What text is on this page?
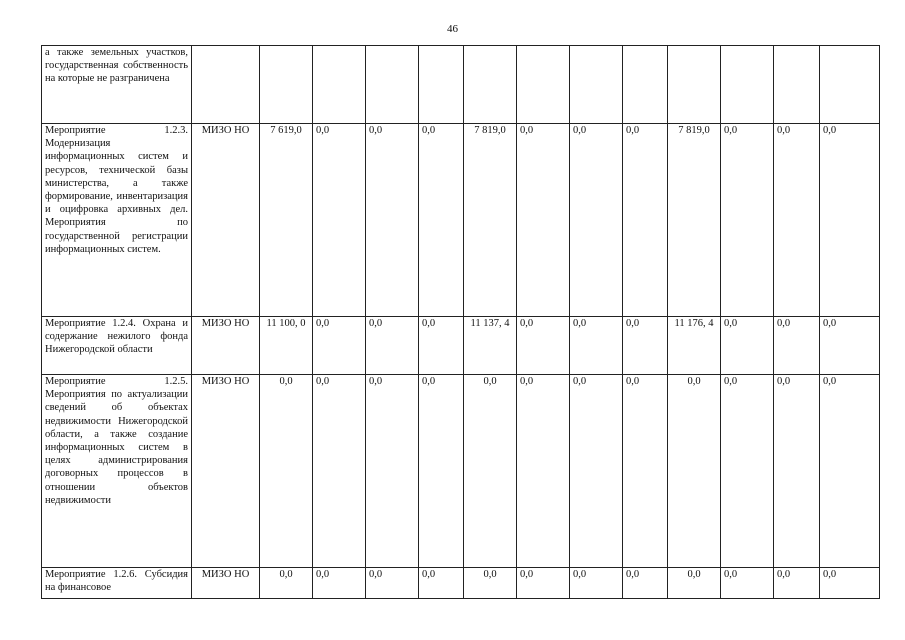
46
а также земельных участков, государственная собственность на которые не разграничена													
Мероприятие 1.2.3. Модернизация информационных систем и ресурсов, технической базы министерства, а также формирование, инвентаризация и оцифровка архивных дел. Мероприятия по государственной регистрации информационных систем.	МИЗО НО	7 619,0	0,0	0,0	0,0	7 819,0	0,0	0,0	0,0	7 819,0	0,0	0,0	0,0
Мероприятие 1.2.4. Охрана и содержание нежилого фонда Нижегородской области	МИЗО НО	11 100, 0	0,0	0,0	0,0	11 137, 4	0,0	0,0	0,0	11 176, 4	0,0	0,0	0,0
Мероприятие 1.2.5. Мероприятия по актуализации сведений об объектах недвижимости Нижегородской области, а также создание информационных систем в целях администрирования договорных процессов в отношении объектов недвижимости	МИЗО НО	0,0	0,0	0,0	0,0	0,0	0,0	0,0	0,0	0,0	0,0	0,0	0,0
Мероприятие 1.2.6. Субсидия на финансовое	МИЗО НО	0,0	0,0	0,0	0,0	0,0	0,0	0,0	0,0	0,0	0,0	0,0	0,0
